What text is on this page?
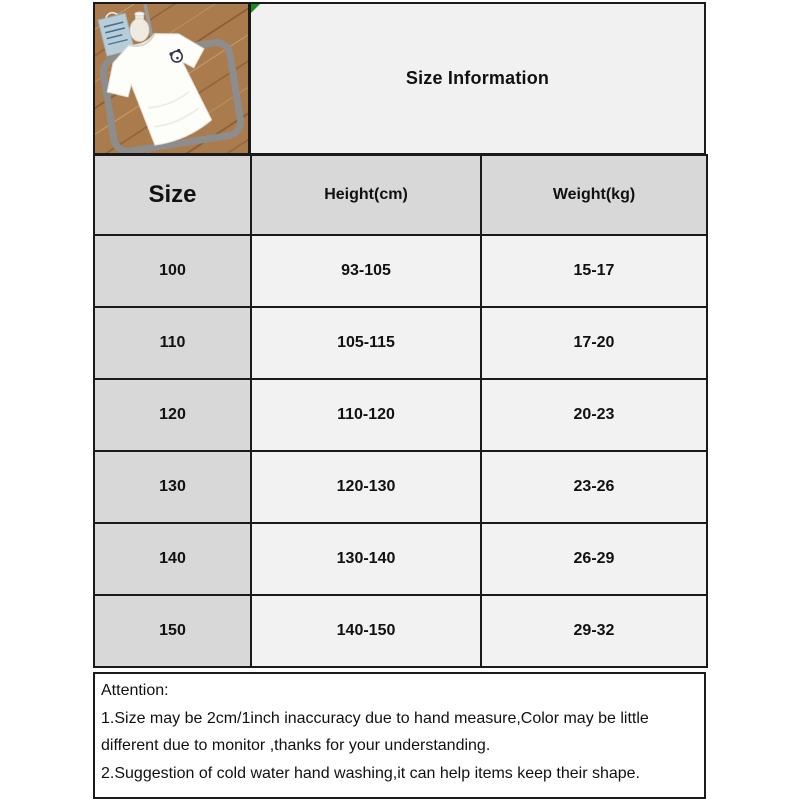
Size Information
Size	Height(cm)	Weight(kg)
100	93-105	15-17
110	105-115	17-20
120	110-120	20-23
130	120-130	23-26
140	130-140	26-29
150	140-150	29-32

Attention:

1.Size may be 2cm/1inch inaccuracy due to hand measure,Color may be little different due to monitor ,thanks for your understanding.

2.Suggestion of cold water hand washing,it can help items keep their shape.
